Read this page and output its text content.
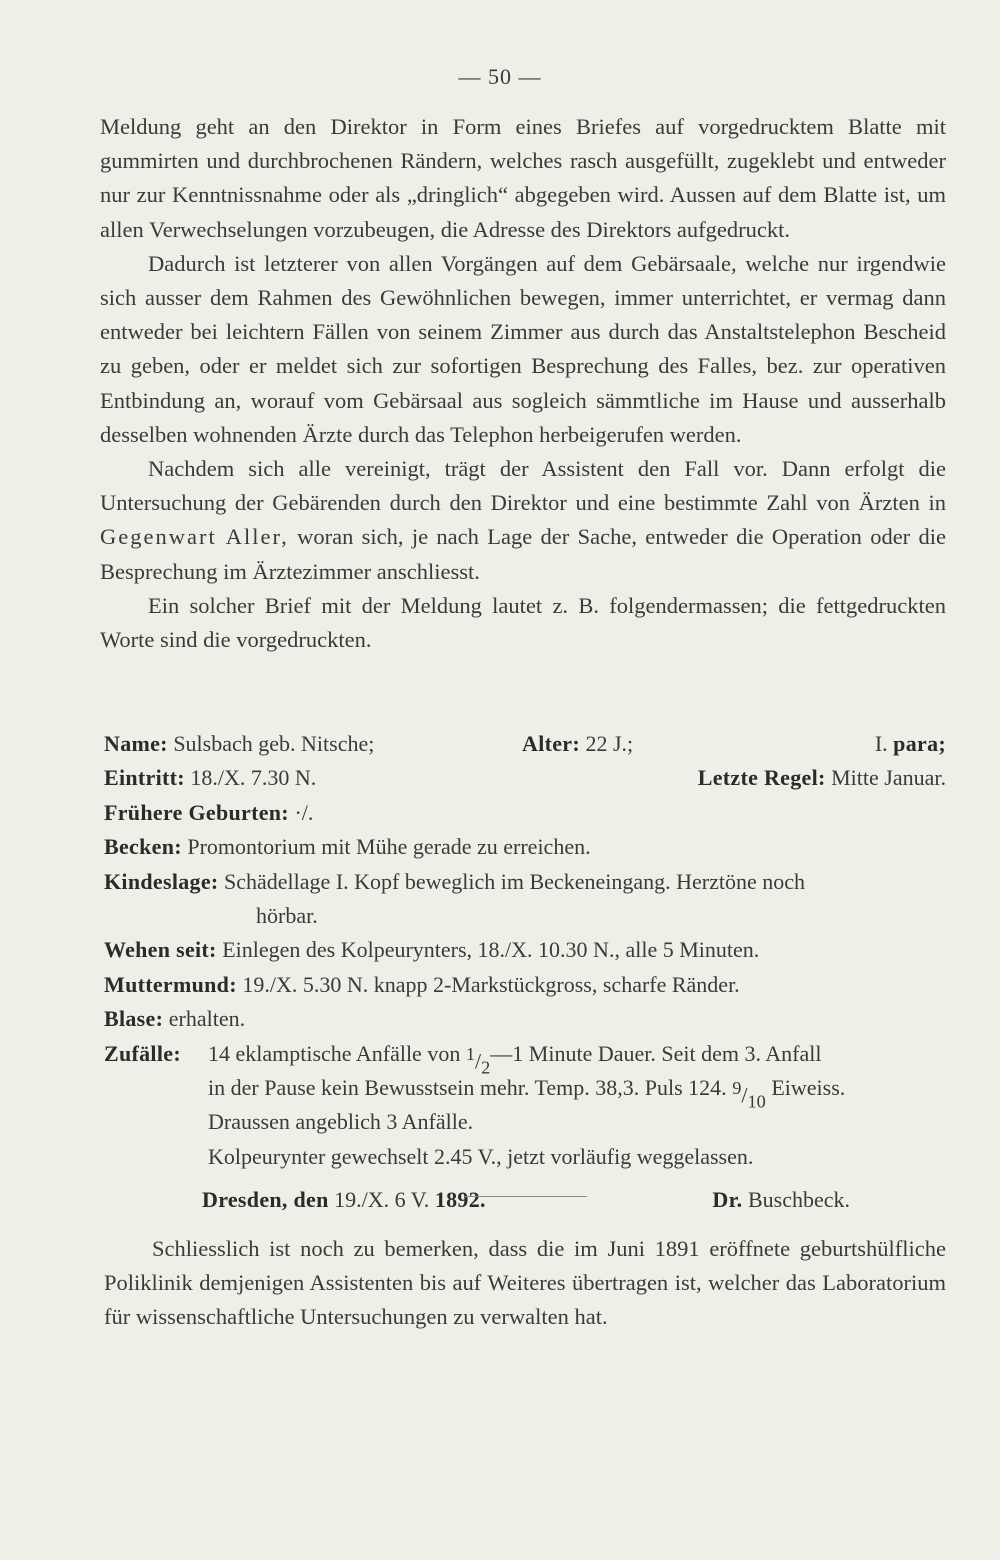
— 50 —

Meldung geht an den Direktor in Form eines Briefes auf vorgedrucktem Blatte mit gummirten und durchbrochenen Rändern, welches rasch ausgefüllt, zugeklebt und entweder nur zur Kenntnissnahme oder als „dringlich“ abgegeben wird. Aussen auf dem Blatte ist, um allen Verwechselungen vorzubeugen, die Adresse des Direktors aufgedruckt.

Dadurch ist letzterer von allen Vorgängen auf dem Gebärsaale, welche nur irgendwie sich ausser dem Rahmen des Gewöhnlichen bewegen, immer unterrichtet, er vermag dann entweder bei leichtern Fällen von seinem Zimmer aus durch das Anstaltstelephon Bescheid zu geben, oder er meldet sich zur sofortigen Besprechung des Falles, bez. zur operativen Entbindung an, worauf vom Gebärsaal aus sogleich sämmtliche im Hause und ausserhalb desselben wohnenden Ärzte durch das Telephon herbeigerufen werden.

Nachdem sich alle vereinigt, trägt der Assistent den Fall vor. Dann erfolgt die Untersuchung der Gebärenden durch den Direktor und eine bestimmte Zahl von Ärzten in Gegenwart Aller, woran sich, je nach Lage der Sache, entweder die Operation oder die Besprechung im Ärztezimmer anschliesst.

Ein solcher Brief mit der Meldung lautet z. B. folgendermassen; die fettgedruckten Worte sind die vorgedruckten.

Name: Sulsbach geb. Nitsche;	Alter: 22 J.;	I. para;
Eintritt: 18./X. 7.30 N.	Letzte Regel: Mitte Januar.
Frühere Geburten:
·/.
Becken:
Promontorium mit Mühe gerade zu erreichen.
Kindeslage:
Schädellage I. Kopf beweglich im Beckeneingang. Herztöne noch
hörbar.
Wehen seit:
Einlegen des Kolpeurynters, 18./X. 10.30 N., alle 5 Minuten.
Muttermund:
19./X. 5.30 N. knapp 2-Markstückgross, scharfe Ränder.
Blase:
erhalten.
Zufälle:	14 eklamptische Anfälle von
$^1/_2$
—1 Minute Dauer. Seit dem 3. Anfall
in der Pause kein Bewusstsein mehr. Temp. 38,3. Puls 124.
$^9/_{10}$

Eiweiss.
Draussen angeblich 3 Anfälle.
Kolpeurynter gewechselt 2.45 V., jetzt vorläufig weggelassen.
Dresden, den 19./X. 6 V. 1892.	Dr. Buschbeck.

Schliesslich ist noch zu bemerken, dass die im Juni 1891 eröffnete geburtshülfliche Poliklinik demjenigen Assistenten bis auf Weiteres übertragen ist, welcher das Laboratorium für wissenschaftliche Untersuchungen zu verwalten hat.
